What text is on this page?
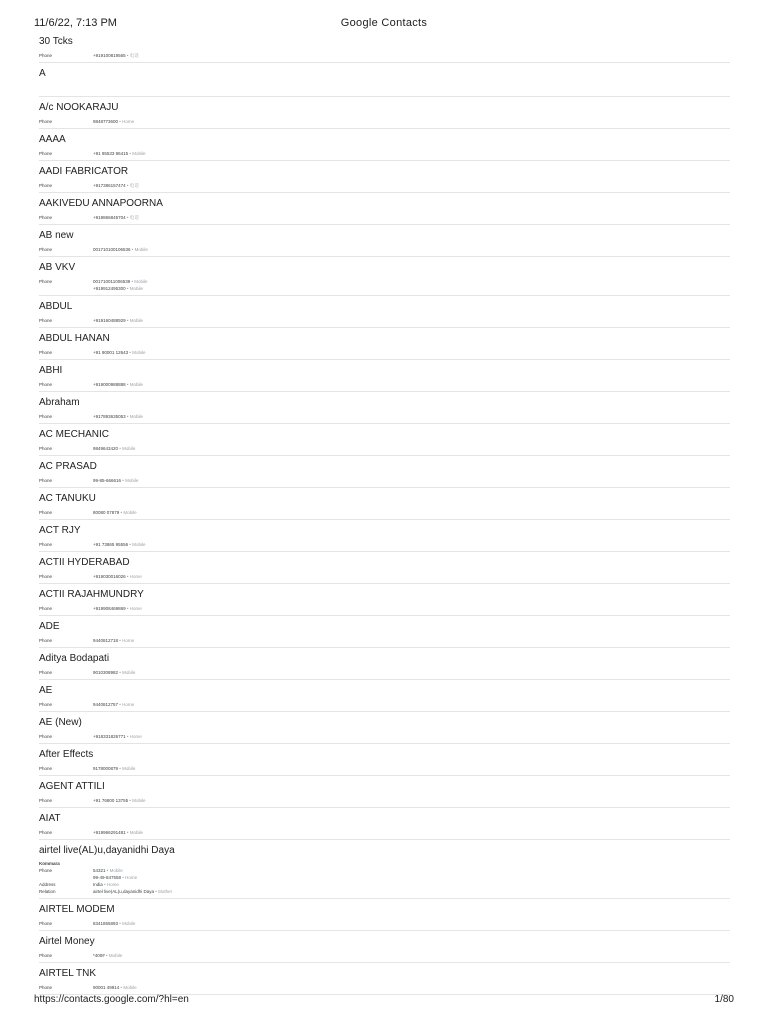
11/6/22, 7:13 PM	Google Contacts
30 Tcks
Phone	+919100819565 • 电话
A
A/c NOOKARAJU
Phone	9848773600 • Home
AAAA
Phone	+91 95533 96415 • Mobile
AADI FABRICATOR
Phone	+917386157474 • 电话
AAKIVEDU ANNAPOORNA
Phone	+919866845704 • 电话
AB new
Phone	001710100106536 • Mobile
AB VKV
Phone	001710011006539 • Mobile
+919912495300 • Mobile
ABDUL
Phone	+919160488929 • Mobile
ABDUL HANAN
Phone	+91 90001 12643 • Mobile
ABHI
Phone	+919000988888 • Mobile
Abraham
Phone	+917893635053 • Mobile
AC MECHANIC
Phone	9849643420 • Mobile
AC PRASAD
Phone	99-85-666616 • Mobile
AC TANUKU
Phone	80080 07879 • Mobile
ACT RJY
Phone	+91 73865 95556 • Mobile
ACTII HYDERABAD
Phone	+919030016026 • Home
ACTII RAJAHMUNDRY
Phone	+919908469869 • Home
ADE
Phone	9440812718 • Home
Aditya Bodapati
Phone	9010308982 • Mobile
AE
Phone	9440812757 • Home
AE (New)
Phone	+918331826771 • Home
After Effects
Phone	9178000879 • Mobile
AGENT ATTILI
Phone	+91 76800 13755 • Mobile
AIAT
Phone	+919966291481 • Mobile
airtel live(AL)u,dayanidhi Daya
Kommara
Phone	54321 • Mobile
99-49-847558 • Home
Address	India • Home
Relation	airtel live(AL)u,dayanidhi Daya • Mother
AIRTEL MODEM
Phone	8341855893 • Mobile
Airtel Money
Phone	*400# • Mobile
AIRTEL TNK
Phone	90001 49914 • Mobile
https://contacts.google.com/?hl=en	1/80
